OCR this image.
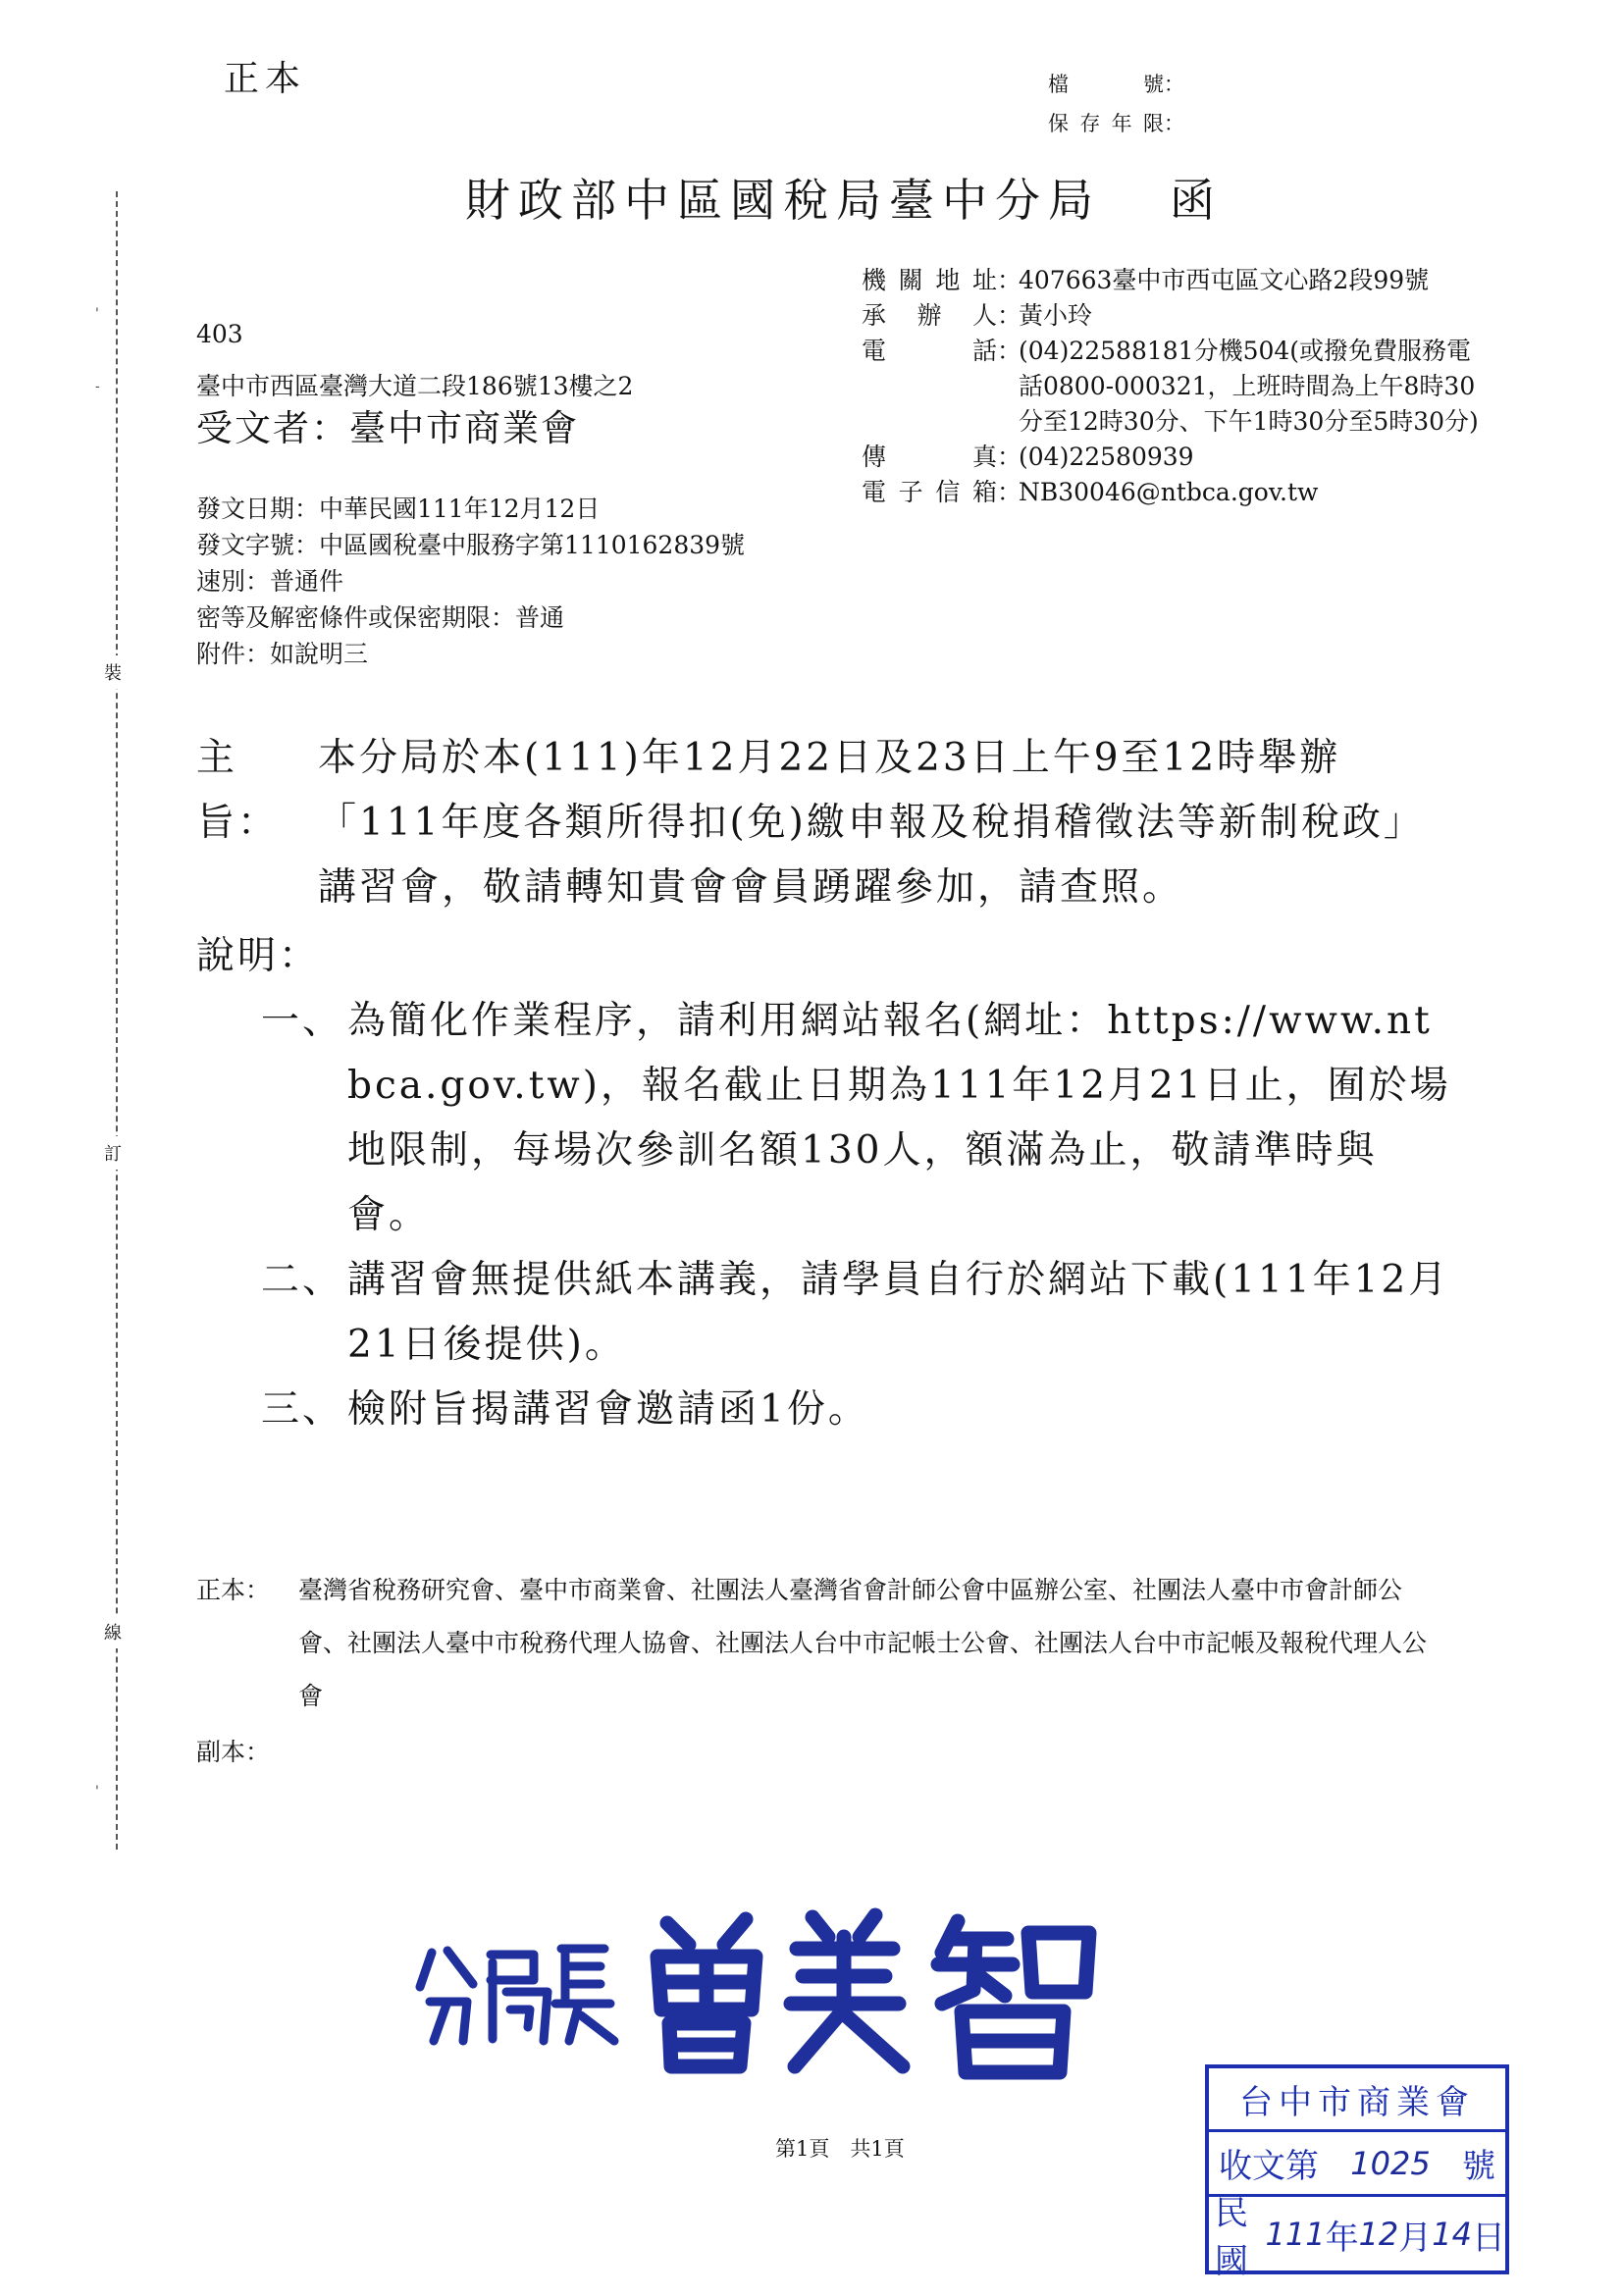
正本	檔號 ：
保存年限 ：
財政部中區國稅局臺中分局 函
裝
訂
線
'
-
'
機關地址 ：
407663臺中市西屯區文心路2段99號
承辦人 ：
黃小玲
電話 ：
(04)22588181分機504(或撥免費服務電話0800-000321，上班時間為上午8時30分至12時30分、下午1時30分至5時30分)
傳真 ：
(04)22580939
電子信箱 ：
NB30046@ntbca.gov.tw
403
臺中市西區臺灣大道二段186號13樓之2
受文者：臺中市商業會
發文日期：中華民國111年12月12日
發文字號：中區國稅臺中服務字第1110162839號
速別：普通件
密等及解密條件或保密期限：普通
附件：如說明三
主旨：
本分局於本(111)年12月22日及23日上午9至12時舉辦「111年度各類所得扣(免)繳申報及稅捐稽徵法等新制稅政」講習會，敬請轉知貴會會員踴躍參加，請查照。
說明：
一、 為簡化作業程序，請利用網站報名(網址：https://www.ntbca.gov.tw)，報名截止日期為111年12月21日止，囿於場地限制，每場次參訓名額130人，額滿為止，敬請準時與會。
二、 講習會無提供紙本講義，請學員自行於網站下載(111年12月21日後提供)。
三、 檢附旨揭講習會邀請函1份。
正本：	臺灣省稅務研究會、臺中市商業會、社團法人臺灣省會計師公會中區辦公室、社團法人臺中市會計師公會、社團法人臺中市稅務代理人協會、社團法人台中市記帳士公會、社團法人台中市記帳及報稅代理人公會
副本：
第1頁　共1頁
台中市商業會
收文第 1025 號
民國
111 年 12 月 14 日
